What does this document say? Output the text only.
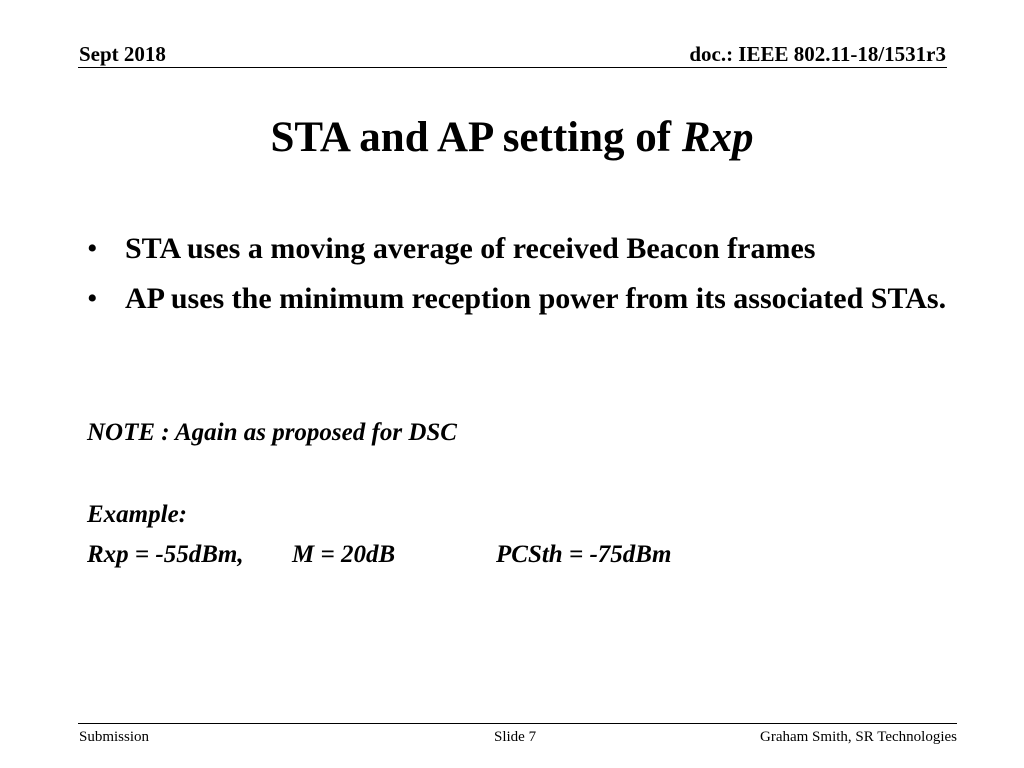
Sept 2018	doc.: IEEE 802.11-18/1531r3
STA and AP setting of Rxp
• STA uses a moving average of received Beacon frames
• AP uses the minimum reception power from its associated STAs.
NOTE : Again as proposed for DSC
Example:
Rxp = -55dBm, M = 20dB	PCSth = -75dBm
Submission	Slide 7	Graham Smith, SR Technologies
